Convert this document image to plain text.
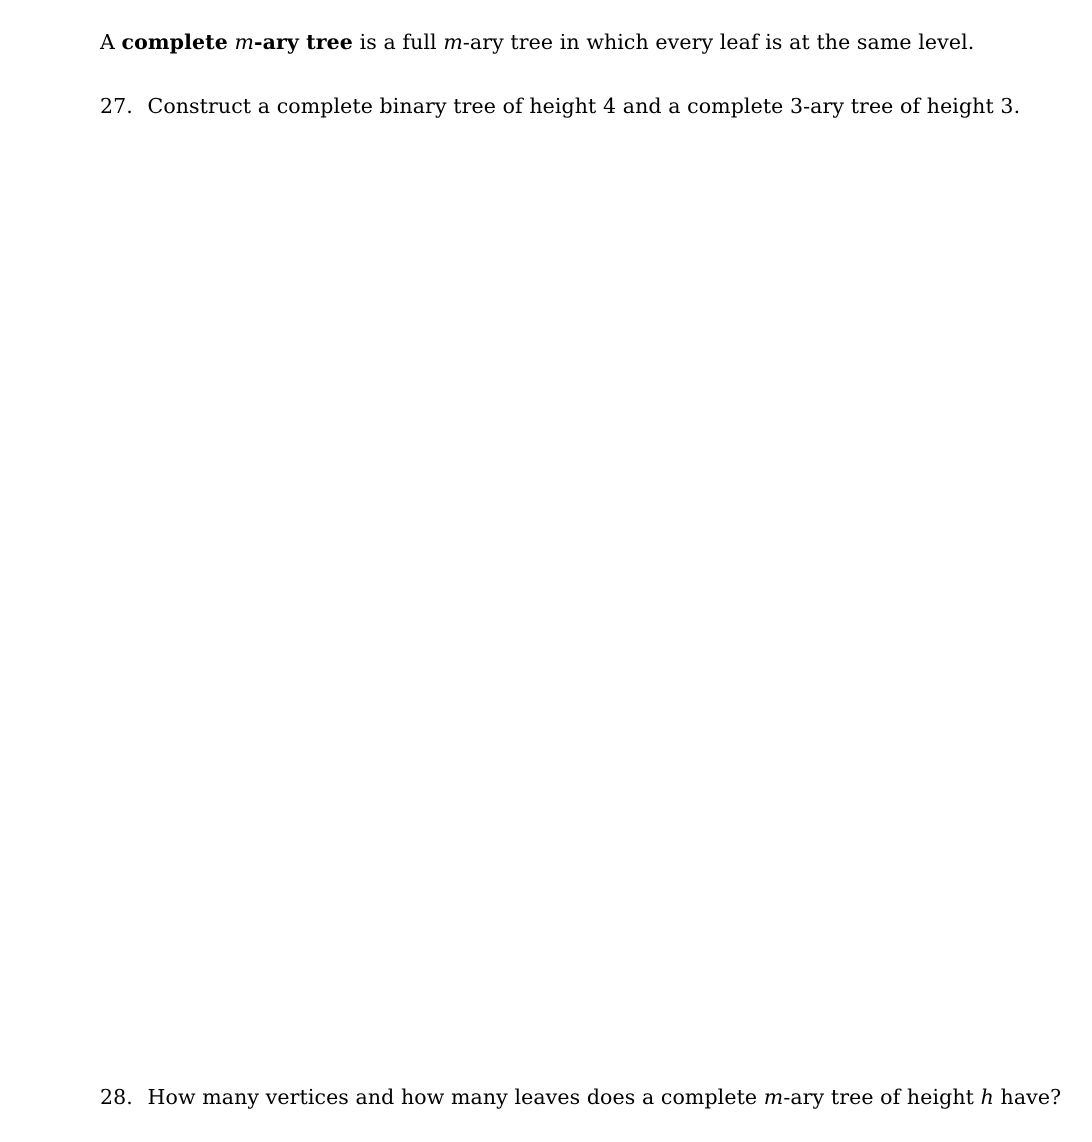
A complete m-ary tree is a full m-ary tree in which every leaf is at the same level.
27. Construct a complete binary tree of height 4 and a complete 3-ary tree of height 3.
28. How many vertices and how many leaves does a complete m-ary tree of height h have?
